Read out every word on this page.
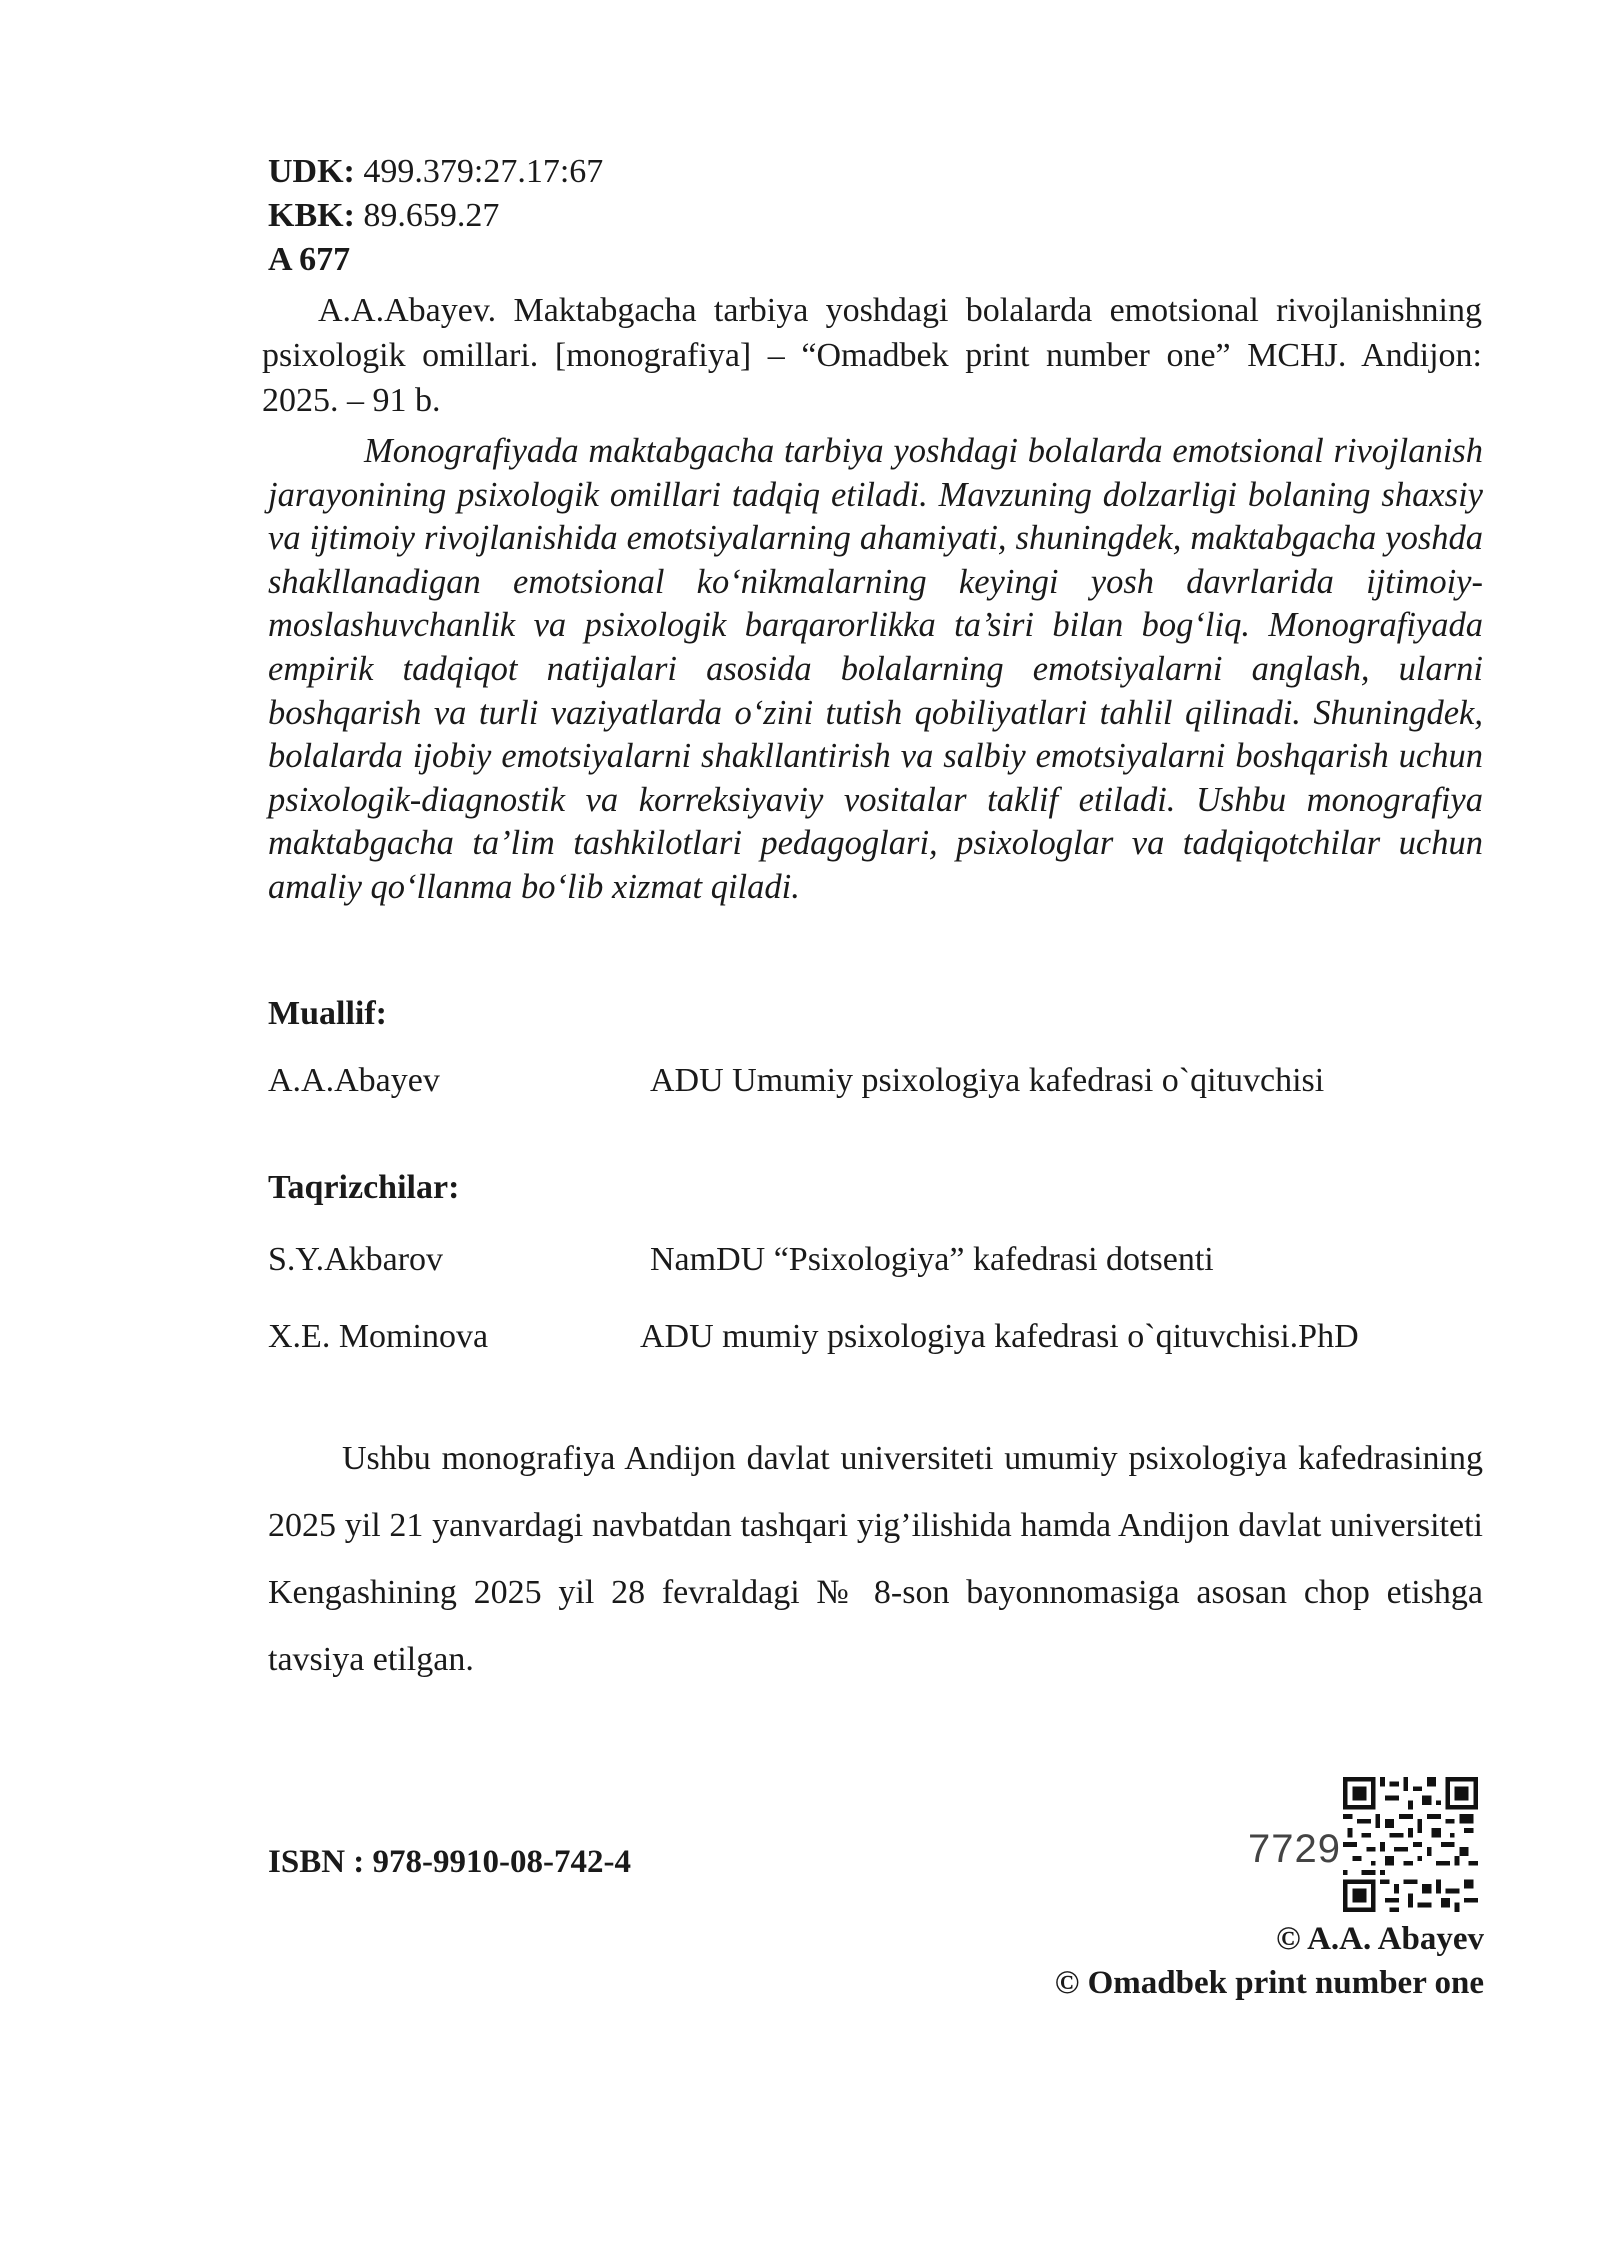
UDK: 499.379:27.17:67
KBK: 89.659.27
A 677
A.A.Abayev. Maktabgacha tarbiya yoshdagi bolalarda emotsional rivojlanishning psixologik omillari. [monografiya] – “Omadbek print number one” MCHJ. Andijon: 2025. – 91 b.
Monografiyada maktabgacha tarbiya yoshdagi bolalarda emotsional rivojlanish jarayonining psixologik omillari tadqiq etiladi. Mavzuning dolzarligi bolaning shaxsiy va ijtimoiy rivojlanishida emotsiyalarning ahamiyati, shuningdek, maktabgacha yoshda shakllanadigan emotsional ko‘nikmalarning keyingi yosh davrlarida ijtimoiy-moslashuvchanlik va psixologik barqarorlikka ta’siri bilan bog‘liq. Monografiyada empirik tadqiqot natijalari asosida bolalarning emotsiyalarni anglash, ularni boshqarish va turli vaziyatlarda o‘zini tutish qobiliyatlari tahlil qilinadi. Shuningdek, bolalarda ijobiy emotsiyalarni shakllantirish va salbiy emotsiyalarni boshqarish uchun psixologik-diagnostik va korreksiyaviy vositalar taklif etiladi. Ushbu monografiya maktabgacha ta’lim tashkilotlari pedagoglari, psixologlar va tadqiqotchilar uchun amaliy qo‘llanma bo‘lib xizmat qiladi.
Muallif:
A.A.Abayev	ADU Umumiy psixologiya kafedrasi o`qituvchisi
Taqrizchilar:
S.Y.Akbarov	NamDU “Psixologiya” kafedrasi dotsenti
X.E. Mominova	ADU mumiy psixologiya kafedrasi o`qituvchisi.PhD
Ushbu monografiya Andijon davlat universiteti umumiy psixologiya kafedrasining 2025 yil 21 yanvardagi navbatdan tashqari yig’ilishida hamda Andijon davlat universiteti Kengashining 2025 yil 28 fevraldagi № 8-son bayonnomasiga asosan chop etishga tavsiya etilgan.
ISBN : 978-9910-08-742-4	7729
© A.A. Abayev
© Omadbek print number one
